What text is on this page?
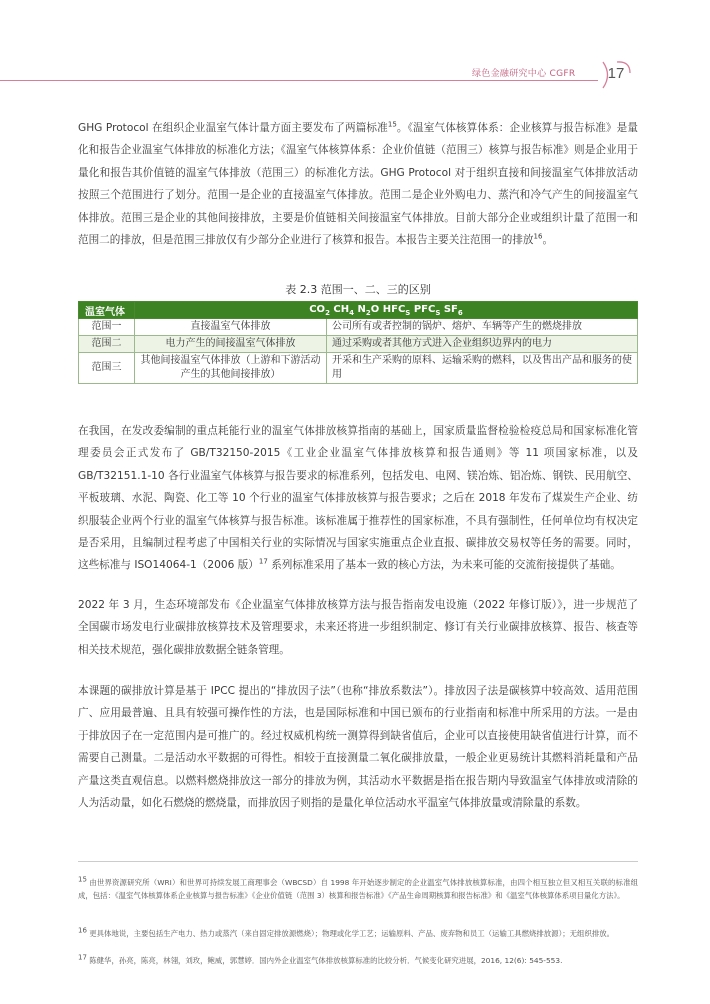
绿色金融研究中心 CGFR	17
GHG Protocol 在组织企业温室气体计量方面主要发布了两篇标准$^{15}$。《温室气体核算体系：企业核算与报告标准》是量化和报告企业温室气体排放的标准化方法；《温室气体核算体系：企业价值链（范围三）核算与报告标准》则是企业用于量化和报告其价值链的温室气体排放（范围三）的标准化方法。GHG Protocol 对于组织直接和间接温室气体排放活动按照三个范围进行了划分。范围一是企业的直接温室气体排放。范围二是企业外购电力、蒸汽和冷气产生的间接温室气体排放。范围三是企业的其他间接排放，主要是价值链相关间接温室气体排放。目前大部分企业或组织计量了范围一和范围二的排放，但是范围三排放仅有少部分企业进行了核算和报告。本报告主要关注范围一的排放$^{16}$。
表 2.3 范围一、二、三的区别
温室气体	$CO_2$ $CH_4$ $N_2O$ $HFC_S$ $PFC_S$ $SF_6$
范围一	直接温室气体排放	公司所有或者控制的锅炉、熔炉、车辆等产生的燃烧排放
范围二	电力产生的间接温室气体排放	通过采购或者其他方式进入企业组织边界内的电力
范围三	其他间接温室气体排放（上游和下游活动产生的其他间接排放）	开采和生产采购的原料、运输采购的燃料，以及售出产品和服务的使用
在我国，在发改委编制的重点耗能行业的温室气体排放核算指南的基础上，国家质量监督检验检疫总局和国家标准化管理委员会正式发布了 GB/T32150-2015《工业企业温室气体排放核算和报告通则》等 11 项国家标准，以及 GB/T32151.1-10 各行业温室气体核算与报告要求的标准系列，包括发电、电网、镁冶炼、铝冶炼、钢铁、民用航空、平板玻璃、水泥、陶瓷、化工等 10 个行业的温室气体排放核算与报告要求；之后在 2018 年发布了煤炭生产企业、纺织服装企业两个行业的温室气体核算与报告标准。该标准属于推荐性的国家标准，不具有强制性，任何单位均有权决定是否采用，且编制过程考虑了中国相关行业的实际情况与国家实施重点企业直报、碳排放交易权等任务的需要。同时，这些标准与 ISO14064-1（2006 版）$^{17}$ 系列标准采用了基本一致的核心方法，为未来可能的交流衔接提供了基础。
2022 年 3 月，生态环境部发布《企业温室气体排放核算方法与报告指南发电设施（2022 年修订版）》，进一步规范了全国碳市场发电行业碳排放核算技术及管理要求，未来还将进一步组织制定、修订有关行业碳排放核算、报告、核查等相关技术规范，强化碳排放数据全链条管理。
本课题的碳排放计算是基于 IPCC 提出的“排放因子法”（也称“排放系数法”）。排放因子法是碳核算中较高效、适用范围广、应用最普遍、且具有较强可操作性的方法，也是国际标准和中国已颁布的行业指南和标准中所采用的方法。一是由于排放因子在一定范围内是可推广的。经过权威机构统一测算得到缺省值后，企业可以直接使用缺省值进行计算，而不需要自己测量。二是活动水平数据的可得性。相较于直接测量二氧化碳排放量，一般企业更易统计其燃料消耗量和产品产量这类直观信息。以燃料燃烧排放这一部分的排放为例，其活动水平数据是指在报告期内导致温室气体排放或清除的人为活动量，如化石燃烧的燃烧量，而排放因子则指的是量化单位活动水平温室气体排放量或清除量的系数。
$^{15}$ 由世界资源研究所（WRI）和世界可持续发展工商理事会（WBCSD）自 1998 年开始逐步制定的企业温室气体排放核算标准，由四个相互独立但又相互关联的标准组成，包括：《温室气体核算体系企业核算与报告标准》《企业价值链（范围 3）核算和报告标准》《产品生命周期核算和报告标准》和《温室气体核算体系项目量化方法》。
$^{16}$ 更具体地说，主要包括生产电力、热力或蒸汽（来自固定排放源燃烧）；物理或化学工艺；运输原料、产品、废弃物和员工（运输工具燃烧排放源）；无组织排放。
$^{17}$ 陈健华，孙亮，陈亮，林翎，刘玫，鲍威，郭慧婷．国内外企业温室气体排放核算标准的比较分析．气候变化研究进展，2016, 12(6): 545-553.
